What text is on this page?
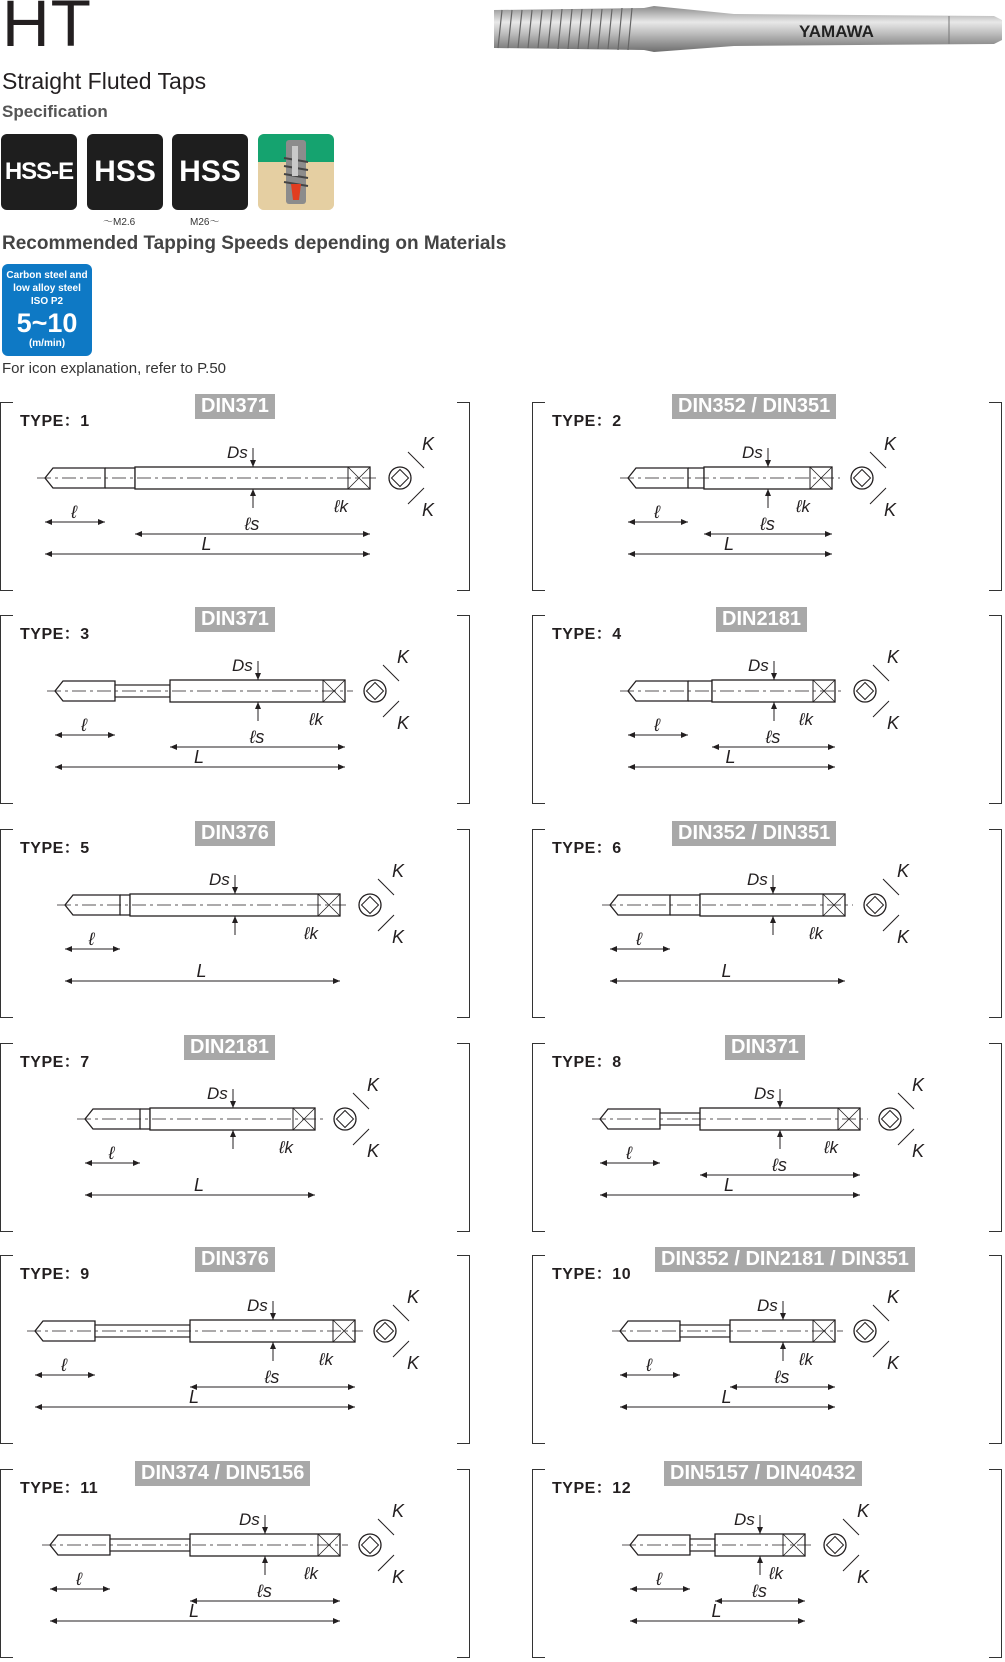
HT
Straight Fluted Taps
Specification
YAMAWA
HSS-E HSS HSS
～M2.6	M26～
Recommended Tapping Speeds depending on Materials
Carbon steel and
low alloy steel
ISO P2
5~10
(m/min)
For icon explanation, refer to P.50
TYPE：1
DIN371
Ds
ℓ
ℓs
L
ℓk
K
K
TYPE：2
DIN352 / DIN351
Ds
ℓ
ℓs
L
ℓk
K
K
TYPE：3
DIN371
Ds
ℓ
ℓs
L
ℓk
K
K
TYPE：4
DIN2181
Ds
ℓ
ℓs
L
ℓk
K
K
TYPE：5
DIN376
Ds
ℓ
L
ℓk
K
K
TYPE：6
DIN352 / DIN351
Ds
ℓ
L
ℓk
K
K
TYPE：7
DIN2181
Ds
ℓ
L
ℓk
K
K
TYPE：8
DIN371
Ds
ℓ
ℓs
L
ℓk
K
K
TYPE：9
DIN376
Ds
ℓ
ℓs
L
ℓk
K
K
TYPE：10
DIN352 / DIN2181 / DIN351
Ds
ℓ
ℓs
L
ℓk
K
K
TYPE：11
DIN374 / DIN5156
Ds
ℓ
ℓs
L
ℓk
K
K
TYPE：12
DIN5157 / DIN40432
Ds
ℓ
ℓs
L
ℓk
K
K
